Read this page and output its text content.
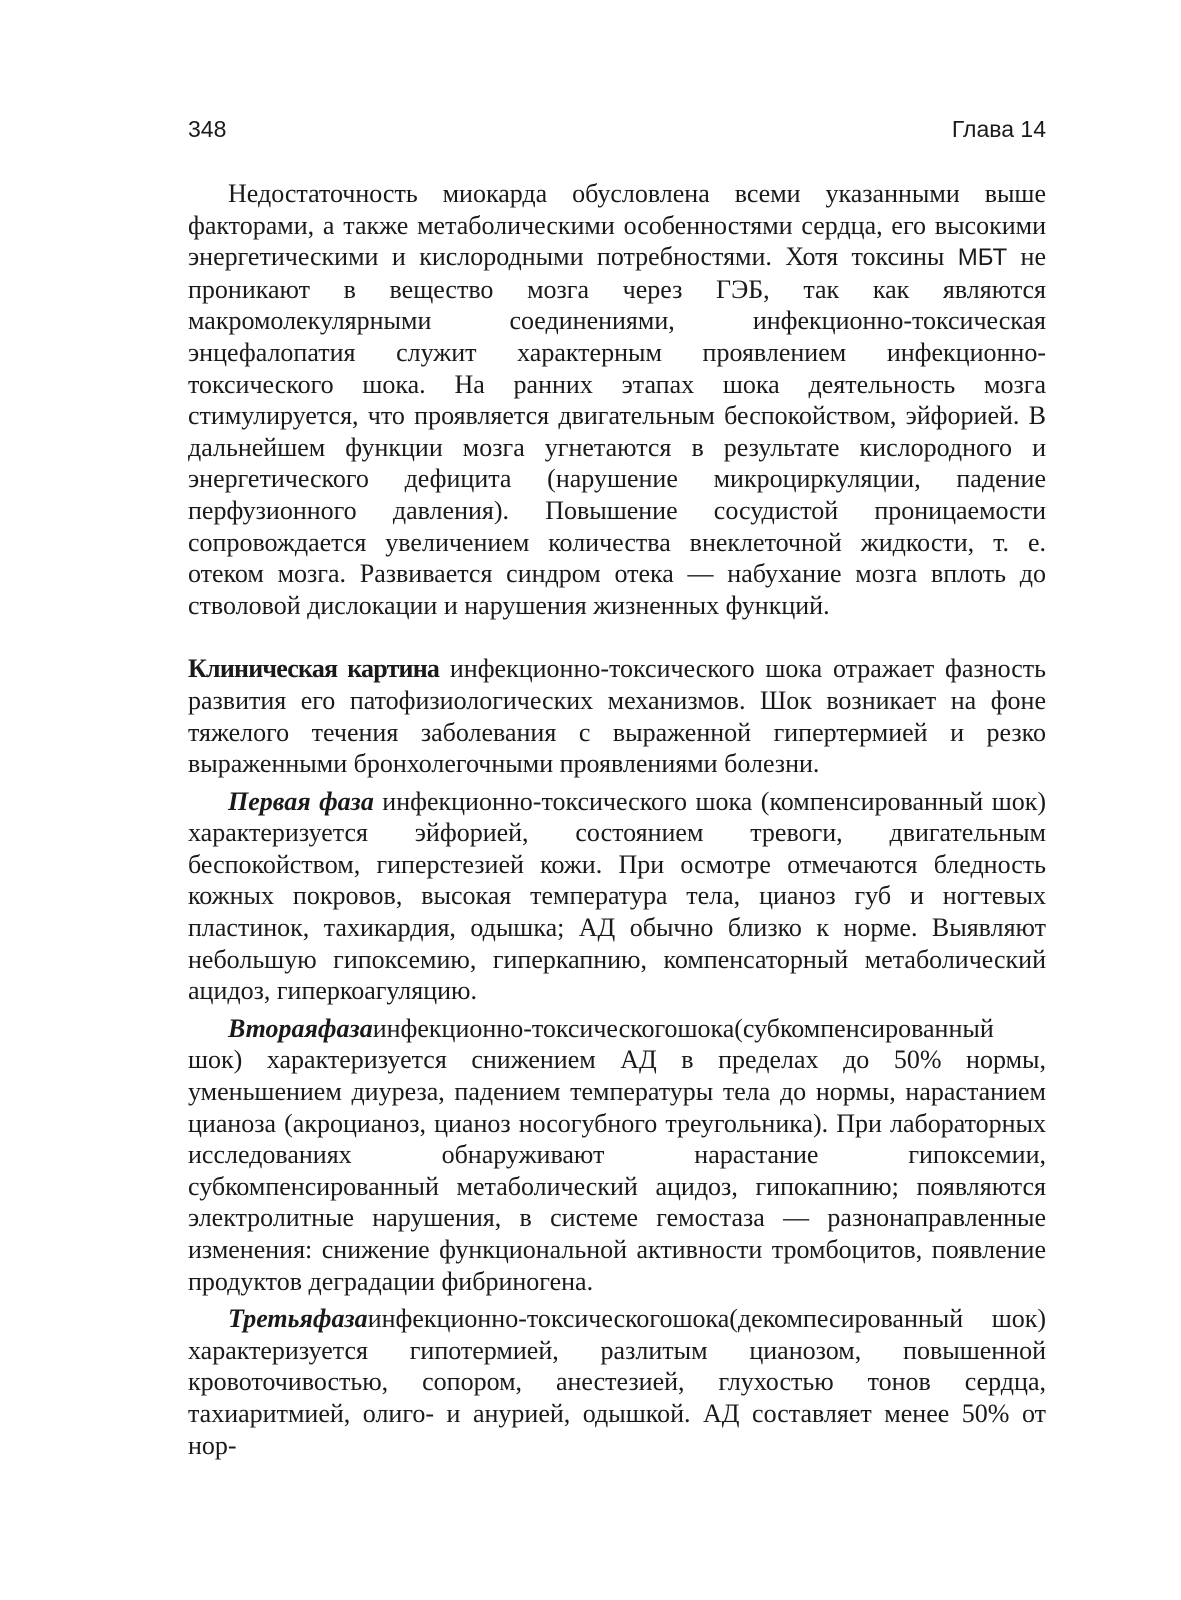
348	Глава 14

Недостаточность миокарда обусловлена всеми указанными выше факторами, а также метаболическими особенностями сердца, его высокими энергетическими и кислородными потребностями. Хотя токсины МБТ не проникают в вещество мозга через ГЭБ, так как являются макромолекулярными соединениями, инфекционно-токсическая энцефалопатия служит характерным проявлением инфекционно-токсического шока. На ранних этапах шока деятельность мозга стимулируется, что проявляется двигательным беспокойством, эйфорией. В дальнейшем функции мозга угнетаются в результате кислородного и энергетического дефицита (нарушение микроциркуляции, падение перфузионного давления). Повышение сосудистой проницаемости сопровождается увеличением количества внеклеточной жидкости, т. е. отеком мозга. Развивается синдром отека — набухание мозга вплоть до стволовой дислокации и нарушения жизненных функций.

Клиническая картина инфекционно-токсического шока отражает фазность развития его патофизиологических механизмов. Шок возникает на фоне тяжелого течения заболевания с выраженной гипертермией и резко выраженными бронхолегочными проявлениями болезни.

Первая фаза инфекционно-токсического шока (компенсированный шок) характеризуется эйфорией, состоянием тревоги, двигательным беспокойством, гиперстезией кожи. При осмотре отмечаются бледность кожных покровов, высокая температура тела, цианоз губ и ногтевых пластинок, тахикардия, одышка; АД обычно близко к норме. Выявляют небольшую гипоксемию, гиперкапнию, компенсаторный метаболический ацидоз, гиперкоагуляцию.

Втораяфазаинфекционно-токсическогошока(субкомпенсированный шок) характеризуется снижением АД в пределах до 50% нормы, уменьшением диуреза, падением температуры тела до нормы, нарастанием цианоза (акроцианоз, цианоз носогубного треугольника). При лабораторных исследованиях обнаруживают нарастание гипоксемии, субкомпенсированный метаболический ацидоз, гипокапнию; появляются электролитные нарушения, в системе гемостаза — разнонаправленные изменения: снижение функциональной активности тромбоцитов, появление продуктов деградации фибриногена.

Третьяфазаинфекционно-токсическогошока(декомпесированный шок) характеризуется гипотермией, разлитым цианозом, повышенной кровоточивостью, сопором, анестезией, глухостью тонов сердца, тахиаритмией, олиго- и анурией, одышкой. АД составляет менее 50% от нор-
